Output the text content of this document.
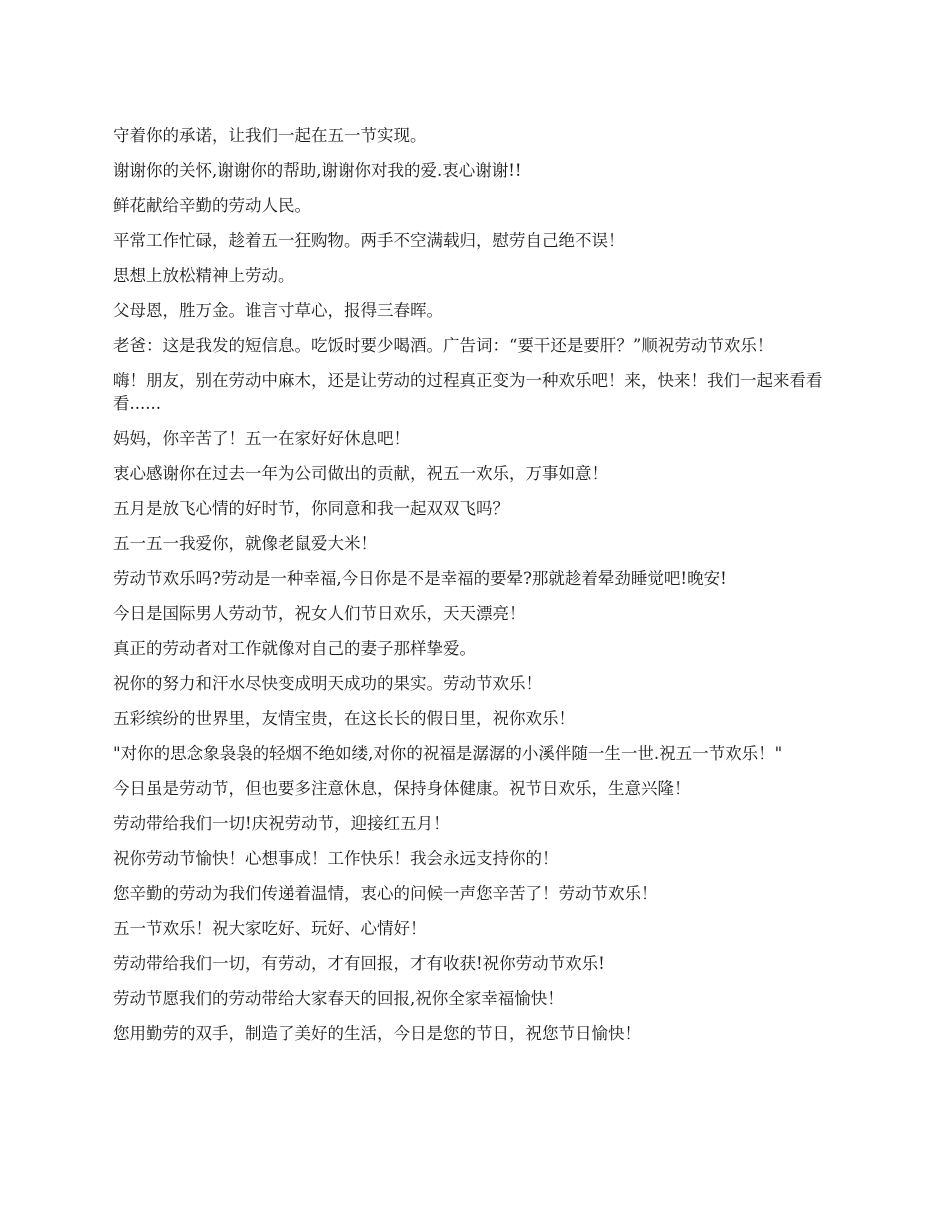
守着你的承诺，让我们一起在五一节实现。

谢谢你的关怀,谢谢你的帮助,谢谢你对我的爱.衷心谢谢!!

鲜花献给辛勤的劳动人民。

平常工作忙碌，趁着五一狂购物。两手不空满载归，慰劳自己绝不误！

思想上放松精神上劳动。

父母恩，胜万金。谁言寸草心，报得三春晖。

老爸：这是我发的短信息。吃饭时要少喝酒。广告词：“要干还是要肝？”顺祝劳动节欢乐！

嗨！朋友，别在劳动中麻木，还是让劳动的过程真正变为一种欢乐吧！来，快来！我们一起来看看看......

妈妈，你辛苦了！五一在家好好休息吧！

衷心感谢你在过去一年为公司做出的贡献，祝五一欢乐，万事如意！

五月是放飞心情的好时节，你同意和我一起双双飞吗？

五一五一我爱你，就像老鼠爱大米！

劳动节欢乐吗?劳动是一种幸福,今日你是不是幸福的要晕?那就趁着晕劲睡觉吧!晚安!

今日是国际男人劳动节，祝女人们节日欢乐，天天漂亮！

真正的劳动者对工作就像对自己的妻子那样挚爱。

祝你的努力和汗水尽快变成明天成功的果实。劳动节欢乐！

五彩缤纷的世界里，友情宝贵，在这长长的假日里，祝你欢乐！

"对你的思念象袅袅的轻烟不绝如缕,对你的祝福是潺潺的小溪伴随一生一世.祝五一节欢乐！"

今日虽是劳动节，但也要多注意休息，保持身体健康。祝节日欢乐，生意兴隆！

劳动带给我们一切!庆祝劳动节，迎接红五月！

祝你劳动节愉快！心想事成！工作快乐！我会永远支持你的！

您辛勤的劳动为我们传递着温情，衷心的问候一声您辛苦了！劳动节欢乐！

五一节欢乐！祝大家吃好、玩好、心情好！

劳动带给我们一切，有劳动，才有回报，才有收获!祝你劳动节欢乐!

劳动节愿我们的劳动带给大家春天的回报,祝你全家幸福愉快！

您用勤劳的双手，制造了美好的生活，今日是您的节日，祝您节日愉快！
